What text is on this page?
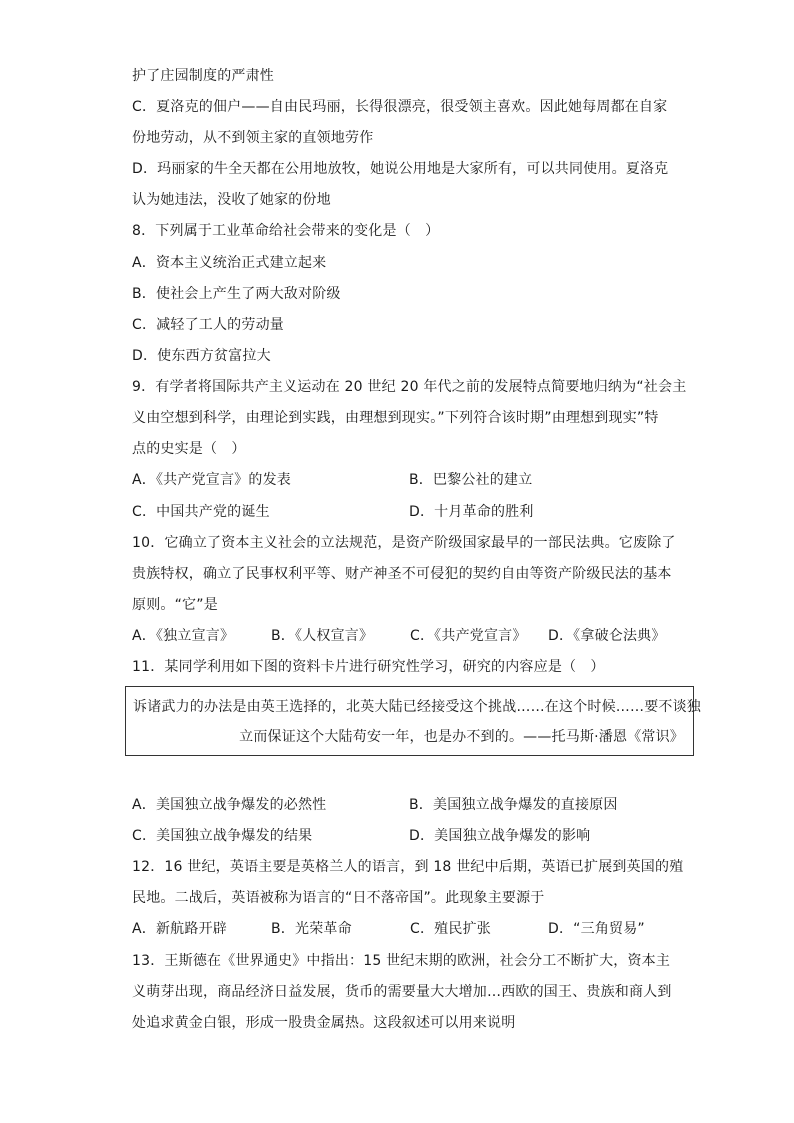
护了庄园制度的严肃性
C．夏洛克的佃户——自由民玛丽，长得很漂亮，很受领主喜欢。因此她每周都在自家
份地劳动，从不到领主家的直领地劳作
D．玛丽家的牛全天都在公用地放牧，她说公用地是大家所有，可以共同使用。夏洛克
认为她违法，没收了她家的份地
8．下列属于工业革命给社会带来的变化是（　）
A．资本主义统治正式建立起来
B．使社会上产生了两大敌对阶级
C．减轻了工人的劳动量
D．使东西方贫富拉大
9．有学者将国际共产主义运动在 20 世纪 20 年代之前的发展特点简要地归纳为“社会主
义由空想到科学，由理论到实践，由理想到现实。”下列符合该时期”由理想到现实”特
点的史实是（　）
A．《共产党宣言》的发表	B．巴黎公社的建立
C．中国共产党的诞生	D．十月革命的胜利
10．它确立了资本主义社会的立法规范，是资产阶级国家最早的一部民法典。它废除了
贵族特权，确立了民事权利平等、财产神圣不可侵犯的契约自由等资产阶级民法的基本
原则。“它”是
A．《独立宣言》	B．《人权宣言》	C．《共产党宣言》 D．《拿破仑法典》
11．某同学利用如下图的资料卡片进行研究性学习，研究的内容应是（　）
诉诸武力的办法是由英王选择的，北英大陆已经接受这个挑战……在这个时候……要不谈独
立而保证这个大陆苟安一年，也是办不到的。——托马斯·潘恩《常识》
A．美国独立战争爆发的必然性	B．美国独立战争爆发的直接原因
C．美国独立战争爆发的结果	D．美国独立战争爆发的影响
12．16 世纪，英语主要是英格兰人的语言，到 18 世纪中后期，英语已扩展到英国的殖
民地。二战后，英语被称为语言的“日不落帝国”。此现象主要源于
A．新航路开辟	B．光荣革命	C．殖民扩张	D．“三角贸易”
13．王斯德在《世界通史》中指出：15 世纪末期的欧洲，社会分工不断扩大，资本主
义萌芽出现，商品经济日益发展，货币的需要量大大增加…西欧的国王、贵族和商人到
处追求黄金白银，形成一股贵金属热。这段叙述可以用来说明
